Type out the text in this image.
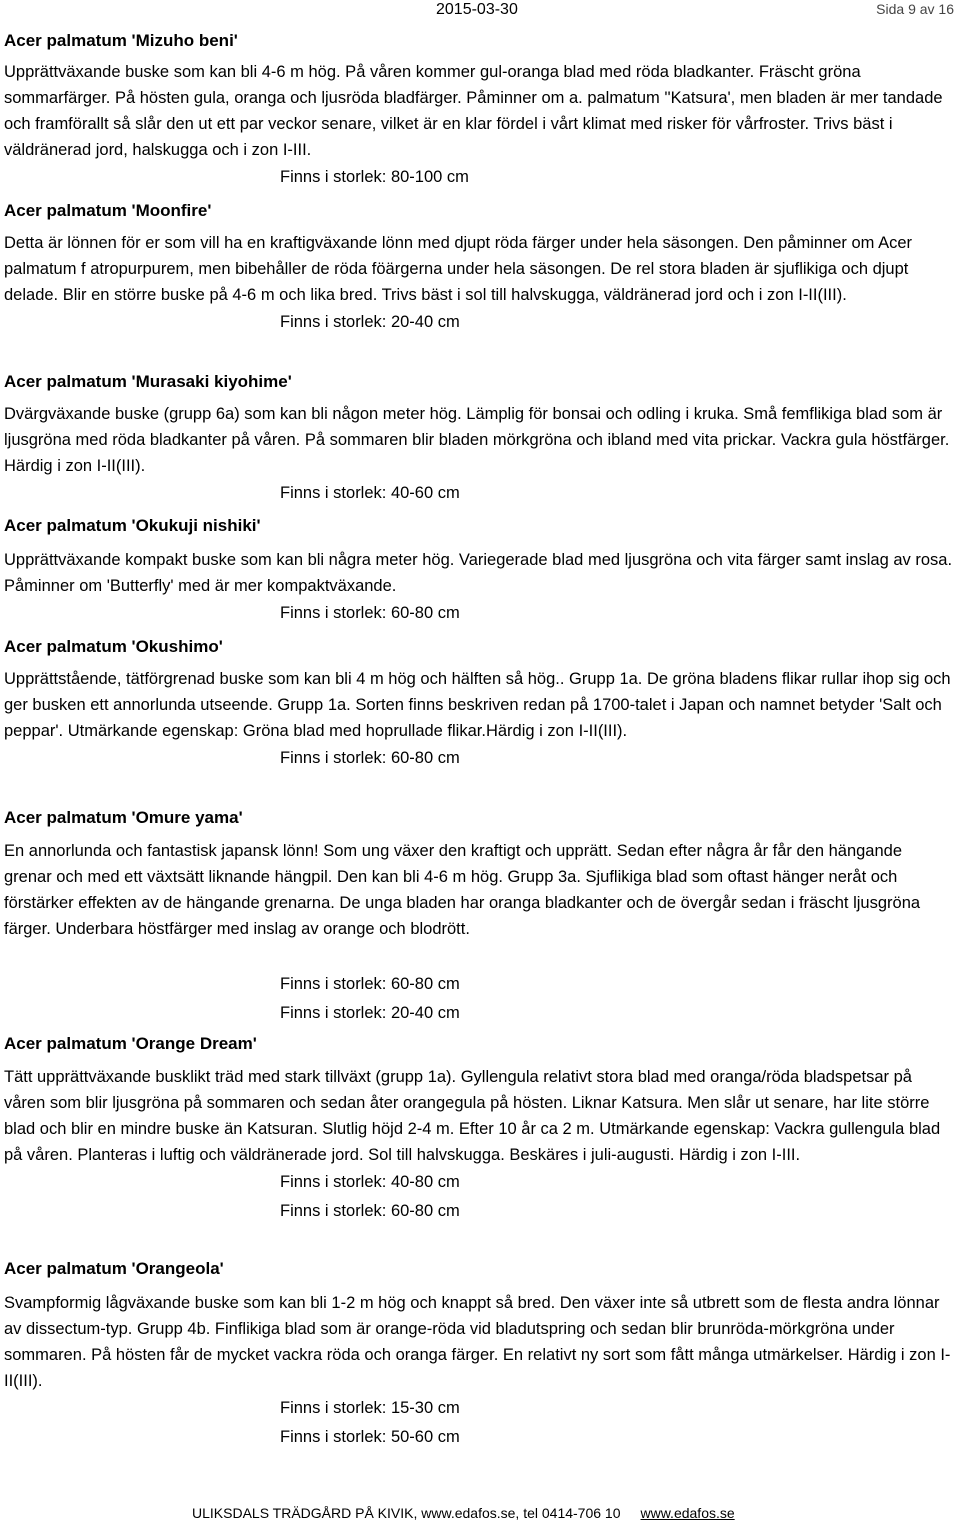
2015-03-30	Sida 9 av 16
Acer palmatum 'Mizuho beni'

Upprättväxande buske som kan bli 4-6 m hög. På våren kommer gul-oranga blad med röda bladkanter. Fräscht gröna sommarfärger. På hösten gula, oranga och ljusröda bladfärger. Påminner om a. palmatum ''Katsura', men bladen är mer tandade och framförallt så slår den ut ett par veckor senare, vilket är en klar fördel i vårt klimat med risker för vårfroster. Trivs bäst i väldränerad jord, halskugga och i zon I-III.

Finns i storlek: 80-100 cm

Acer palmatum 'Moonfire'

Detta är lönnen för er som vill ha en kraftigväxande lönn med djupt röda färger under hela säsongen. Den påminner om Acer palmatum f atropurpurem, men bibehåller de röda föärgerna under hela säsongen. De rel stora bladen är sjuflikiga och djupt delade. Blir en större buske på 4-6 m och lika bred. Trivs bäst i sol till halvskugga, väldränerad jord och i zon I-II(III).

Finns i storlek: 20-40 cm

Acer palmatum 'Murasaki kiyohime'

Dvärgväxande buske (grupp 6a) som kan bli någon meter hög. Lämplig för bonsai och odling i kruka. Små femflikiga blad som är ljusgröna med röda bladkanter på våren. På sommaren blir bladen mörkgröna och ibland med vita prickar. Vackra gula höstfärger. Härdig i zon I-II(III).

Finns i storlek: 40-60 cm

Acer palmatum 'Okukuji nishiki'

Upprättväxande kompakt buske som kan bli några meter hög. Variegerade blad med ljusgröna och vita färger samt inslag av rosa. Påminner om 'Butterfly' med är mer kompaktväxande.

Finns i storlek: 60-80 cm

Acer palmatum 'Okushimo'

Upprättstående, tätförgrenad buske som kan bli 4 m hög och hälften så hög.. Grupp 1a. De gröna bladens flikar rullar ihop sig och ger busken ett annorlunda utseende. Grupp 1a. Sorten finns beskriven redan på 1700-talet i Japan och namnet betyder 'Salt och peppar'. Utmärkande egenskap: Gröna blad med hoprullade flikar.Härdig i zon I-II(III).

Finns i storlek: 60-80 cm

Acer palmatum 'Omure yama'

En annorlunda och fantastisk japansk lönn! Som ung växer den kraftigt och upprätt. Sedan efter några år får den hängande grenar och med ett växtsätt liknande hängpil. Den kan bli 4-6 m hög. Grupp 3a. Sjuflikiga blad som oftast hänger neråt och förstärker effekten av de hängande grenarna. De unga bladen har oranga bladkanter och de övergår sedan i fräscht ljusgröna färger. Underbara höstfärger med inslag av orange och blodrött.

Finns i storlek: 60-80 cm

Finns i storlek: 20-40 cm

Acer palmatum 'Orange Dream'

Tätt upprättväxande busklikt träd med stark tillväxt (grupp 1a). Gyllengula relativt stora blad med oranga/röda bladspetsar på våren som blir ljusgröna på sommaren och sedan åter orangegula på hösten. Liknar Katsura. Men slår ut senare, har lite större blad och blir en mindre buske än Katsuran. Slutlig höjd 2-4 m. Efter 10 år ca 2 m. Utmärkande egenskap: Vackra gullengula blad på våren. Planteras i luftig och väldränerade jord. Sol till halvskugga. Beskäres i juli-augusti. Härdig i zon I-III.

Finns i storlek: 40-80 cm

Finns i storlek: 60-80 cm

Acer palmatum 'Orangeola'

Svampformig lågväxande buske som kan bli 1-2 m hög och knappt så bred. Den växer inte så utbrett som de flesta andra lönnar av dissectum-typ. Grupp 4b. Finflikiga blad som är orange-röda vid bladutspring och sedan blir brunröda-mörkgröna under sommaren. På hösten får de mycket vackra röda och oranga färger. En relativt ny sort som fått många utmärkelser. Härdig i zon I-II(III).

Finns i storlek: 15-30 cm

Finns i storlek: 50-60 cm

ULIKSDALS TRÄDGÅRD PÅ KIVIK, www.edafos.se, tel 0414-706 10 www.edafos.se
